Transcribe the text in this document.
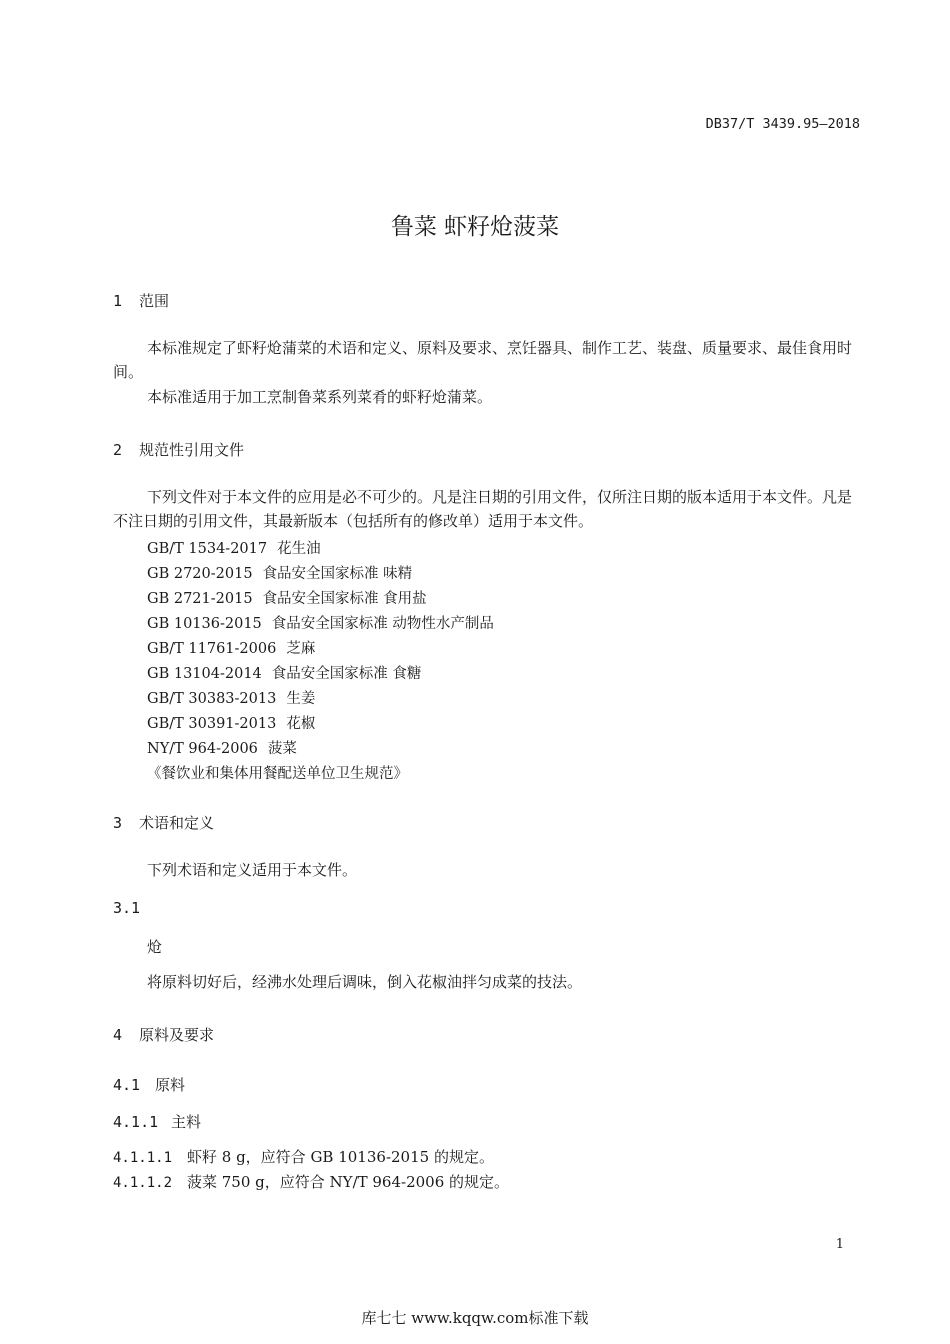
DB37/T 3439.95—2018
鲁菜 虾籽炝菠菜
1 范围
本标准规定了虾籽炝蒲菜的术语和定义、原料及要求、烹饪器具、制作工艺、装盘、质量要求、最佳食用时间。
本标准适用于加工烹制鲁菜系列菜肴的虾籽炝蒲菜。
2 规范性引用文件
下列文件对于本文件的应用是必不可少的。凡是注日期的引用文件，仅所注日期的版本适用于本文件。凡是不注日期的引用文件，其最新版本（包括所有的修改单）适用于本文件。
GB/T 1534-2017 花生油
GB 2720-2015 食品安全国家标准 味精
GB 2721-2015 食品安全国家标准 食用盐
GB 10136-2015 食品安全国家标准 动物性水产制品
GB/T 11761-2006 芝麻
GB 13104-2014 食品安全国家标准 食糖
GB/T 30383-2013 生姜
GB/T 30391-2013 花椒
NY/T 964-2006 菠菜
《餐饮业和集体用餐配送单位卫生规范》
3 术语和定义
下列术语和定义适用于本文件。
3.1
炝
将原料切好后，经沸水处理后调味，倒入花椒油拌匀成菜的技法。
4 原料及要求
4.1 原料
4.1.1 主料
4.1.1.1 虾籽 8 g，应符合 GB 10136-2015 的规定。
4.1.1.2 菠菜 750 g，应符合 NY/T 964-2006 的规定。
1
库七七 www.kqqw.com标准下载
